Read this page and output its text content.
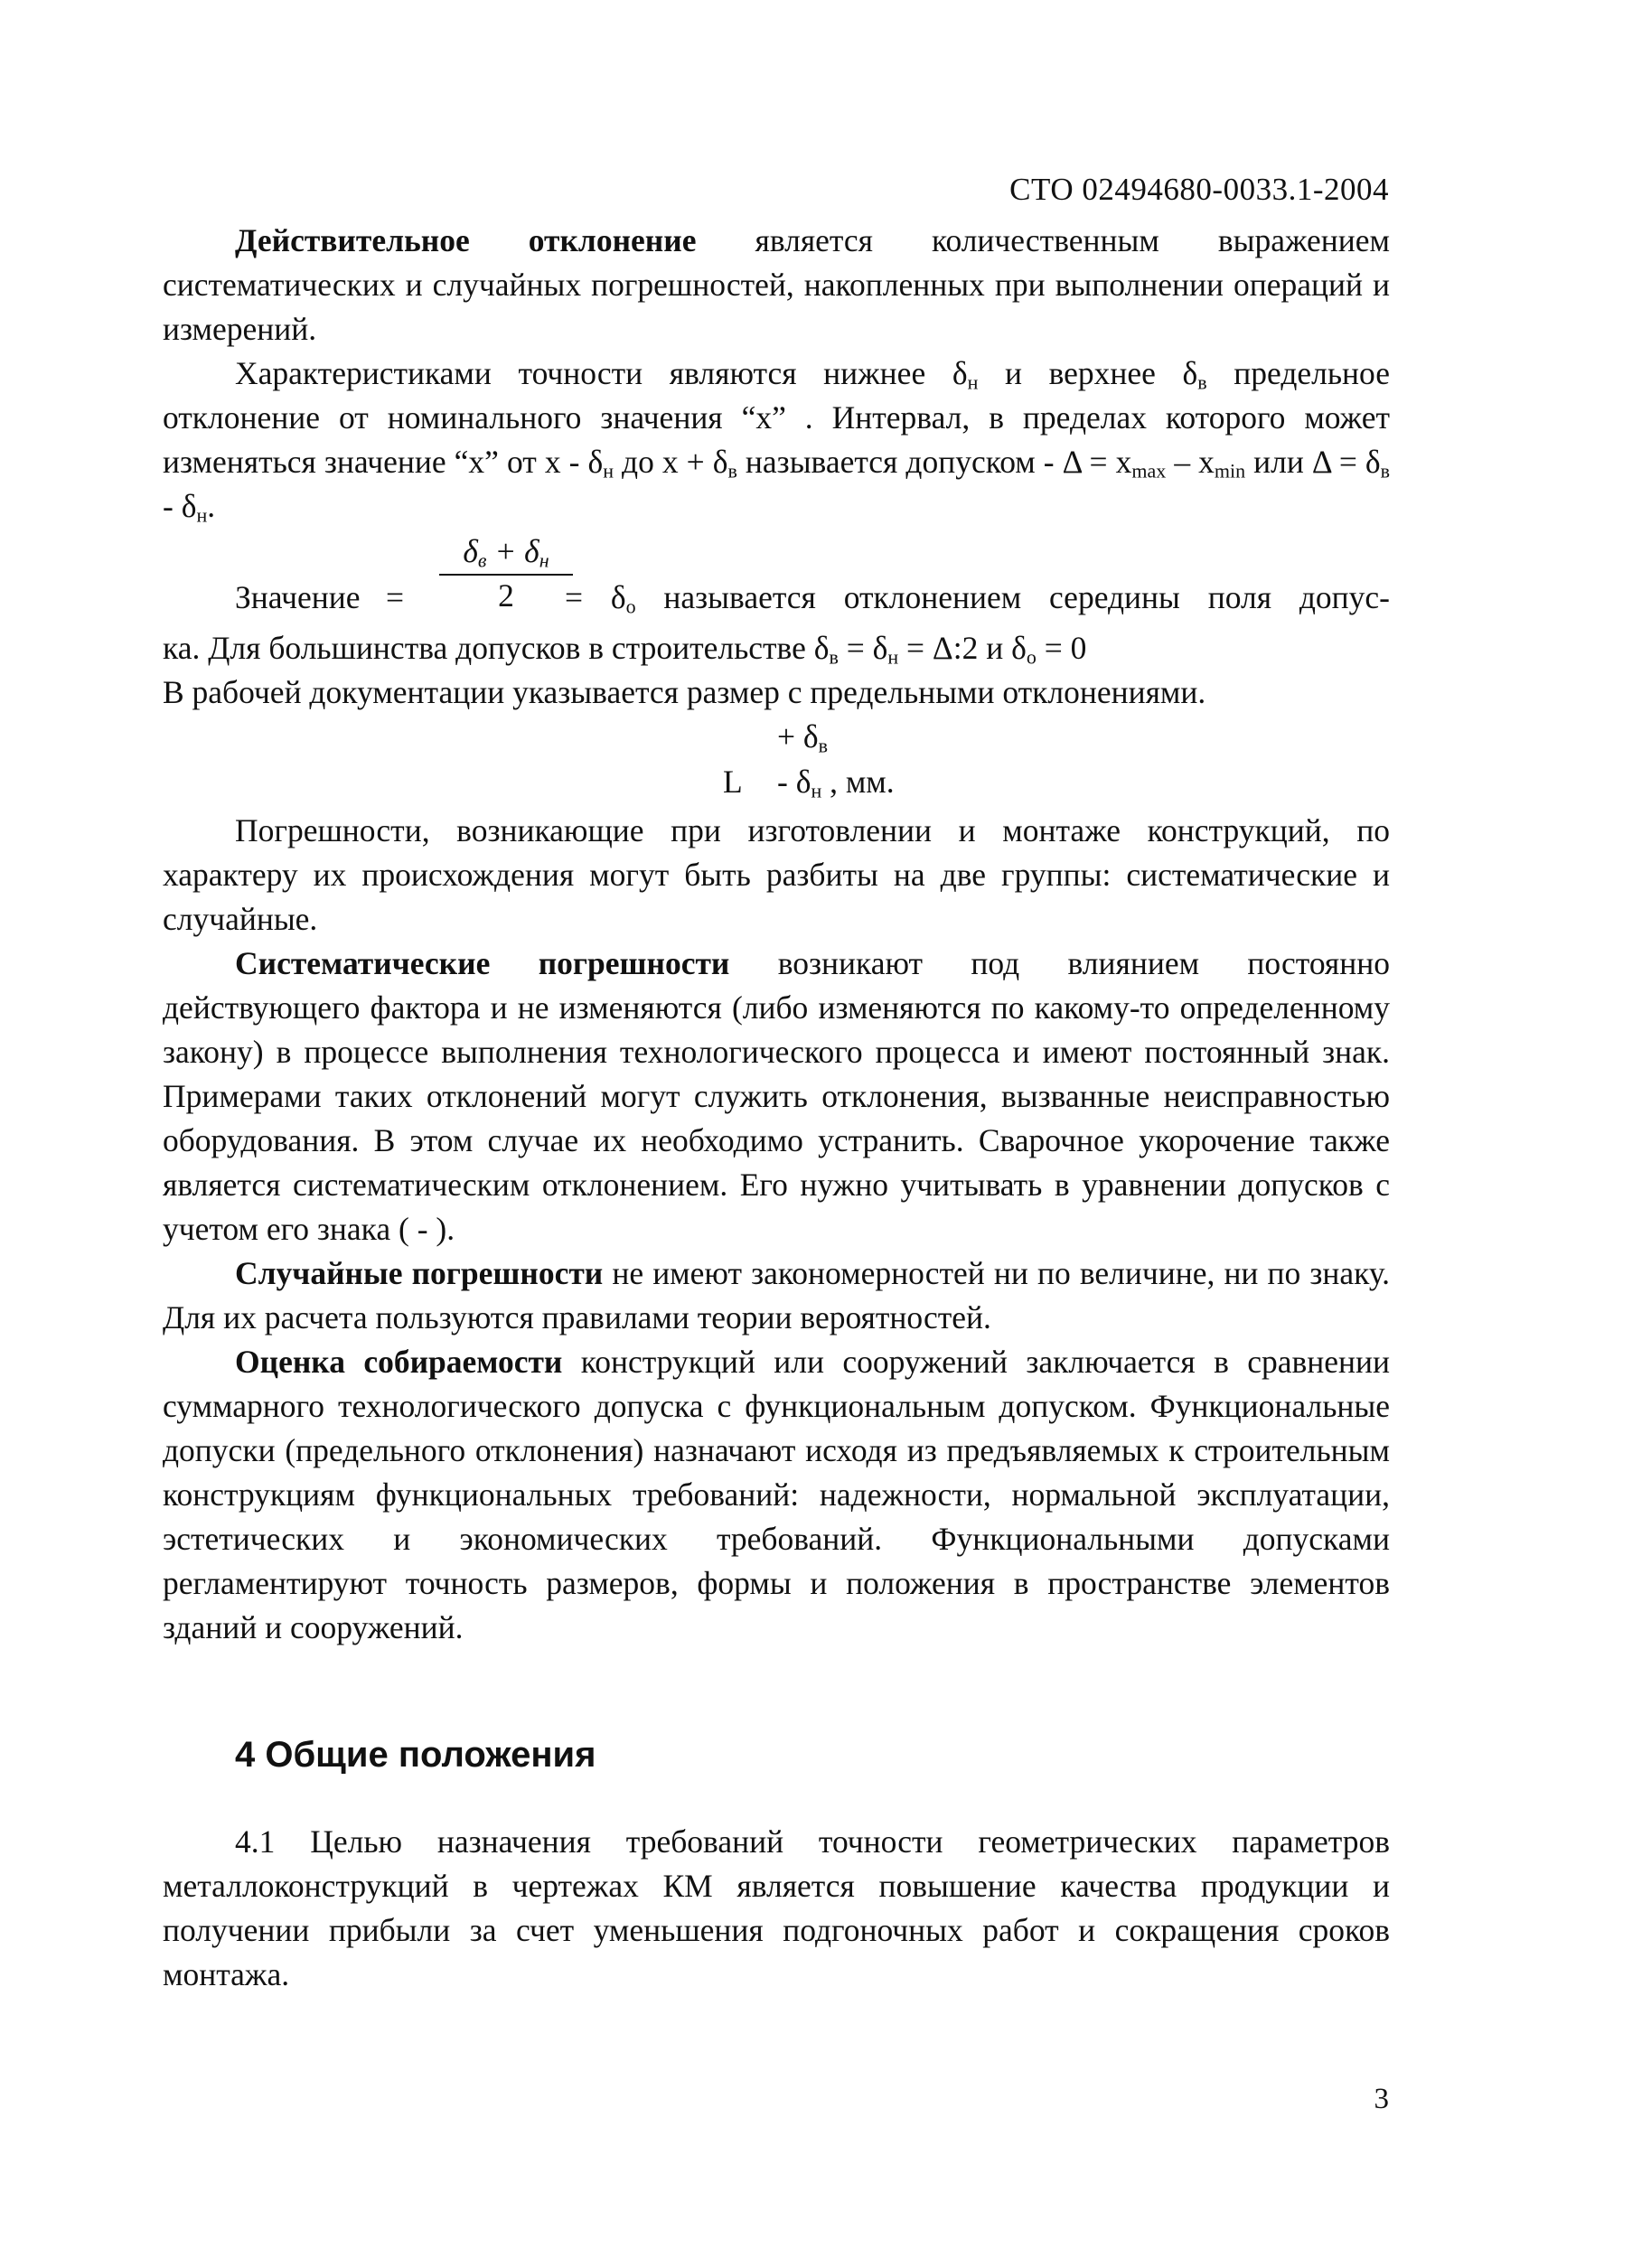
СТО 02494680-0033.1-2004

Действительное отклонение является количественным выражением систематических и случайных погрешностей, накопленных при выполнении операций и измерений.

Характеристиками точности являются нижнее $\delta_н$ и верхнее $\delta_в$ предельное отклонение от номинального значения “x” . Интервал, в пределах которого может изменяться значение “x” от x - $\delta_н$ до $x + \delta_в$ называется допуском - $\Delta = x_{max} - x_{min}$ или $\Delta = \delta_в - \delta_н$.

Значение =
$\delta_в + \delta_н$
2	= $\delta_о$ называется отклонением середины поля допус-

ка. Для большинства допусков в строительстве $\delta_в = \delta_н$ = Δ:2 и $\delta_о = 0$
В рабочей документации указывается размер с предельными отклонениями.

+ $\delta_в$
L - $\delta_н$ , мм.

Погрешности, возникающие при изготовлении и монтаже конструкций, по характеру их происхождения могут быть разбиты на две группы: систематические и случайные.

Систематические погрешности возникают под влиянием постоянно действующего фактора и не изменяются (либо изменяются по какому-то определенному закону) в процессе выполнения технологического процесса и имеют постоянный знак. Примерами таких отклонений могут служить отклонения, вызванные неисправностью оборудования. В этом случае их необходимо устранить. Сварочное укорочение также является систематическим отклонением. Его нужно учитывать в уравнении допусков с учетом его знака ( - ).

Случайные погрешности не имеют закономерностей ни по величине, ни по знаку. Для их расчета пользуются правилами теории вероятностей.

Оценка собираемости конструкций или сооружений заключается в сравнении суммарного технологического допуска с функциональным допуском. Функциональные допуски (предельного отклонения) назначают исходя из предъявляемых к строительным конструкциям функциональных требований: надежности, нормальной эксплуатации, эстетических и экономических требований. Функциональными допусками регламентируют точность размеров, формы и положения в пространстве элементов зданий и сооружений.

4 Общие положения

4.1 Целью назначения требований точности геометрических параметров металлоконструкций в чертежах КМ является повышение качества продукции и получении прибыли за счет уменьшения подгоночных работ и сокращения сроков монтажа.

3
